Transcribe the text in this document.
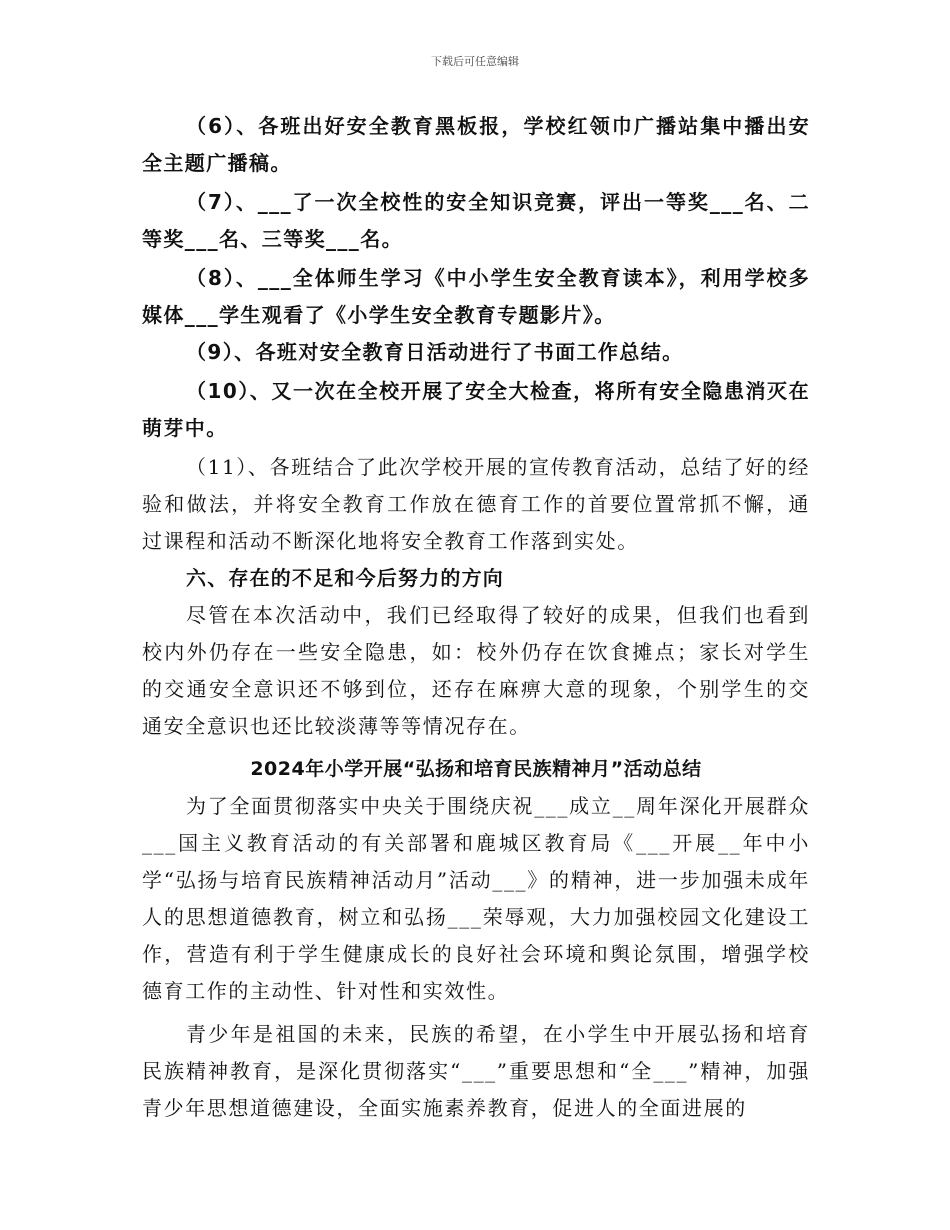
下载后可任意编辑

（6）、各班出好安全教育黑板报，学校红领巾广播站集中播出安全主题广播稿。

（7）、___了一次全校性的安全知识竞赛，评出一等奖___名、二等奖___名、三等奖___名。

（8）、___全体师生学习《中小学生安全教育读本》，利用学校多媒体___学生观看了《小学生安全教育专题影片》。

（9）、各班对安全教育日活动进行了书面工作总结。

（10）、又一次在全校开展了安全大检查，将所有安全隐患消灭在萌芽中。

（11）、各班结合了此次学校开展的宣传教育活动，总结了好的经验和做法，并将安全教育工作放在德育工作的首要位置常抓不懈，通过课程和活动不断深化地将安全教育工作落到实处。

六、存在的不足和今后努力的方向

尽管在本次活动中，我们已经取得了较好的成果，但我们也看到校内外仍存在一些安全隐患，如：校外仍存在饮食摊点；家长对学生的交通安全意识还不够到位，还存在麻痹大意的现象，个别学生的交通安全意识也还比较淡薄等等情况存在。

2024年小学开展“弘扬和培育民族精神月”活动总结

为了全面贯彻落实中央关于围绕庆祝___成立__周年深化开展群众___国主义教育活动的有关部署和鹿城区教育局《___开展__年中小学“弘扬与培育民族精神活动月”活动___》的精神，进一步加强未成年人的思想道德教育，树立和弘扬___荣辱观，大力加强校园文化建设工作，营造有利于学生健康成长的良好社会环境和舆论氛围，增强学校德育工作的主动性、针对性和实效性。

青少年是祖国的未来，民族的希望，在小学生中开展弘扬和培育民族精神教育，是深化贯彻落实“___”重要思想和“全___”精神，加强青少年思想道德建设，全面实施素养教育，促进人的全面进展的
